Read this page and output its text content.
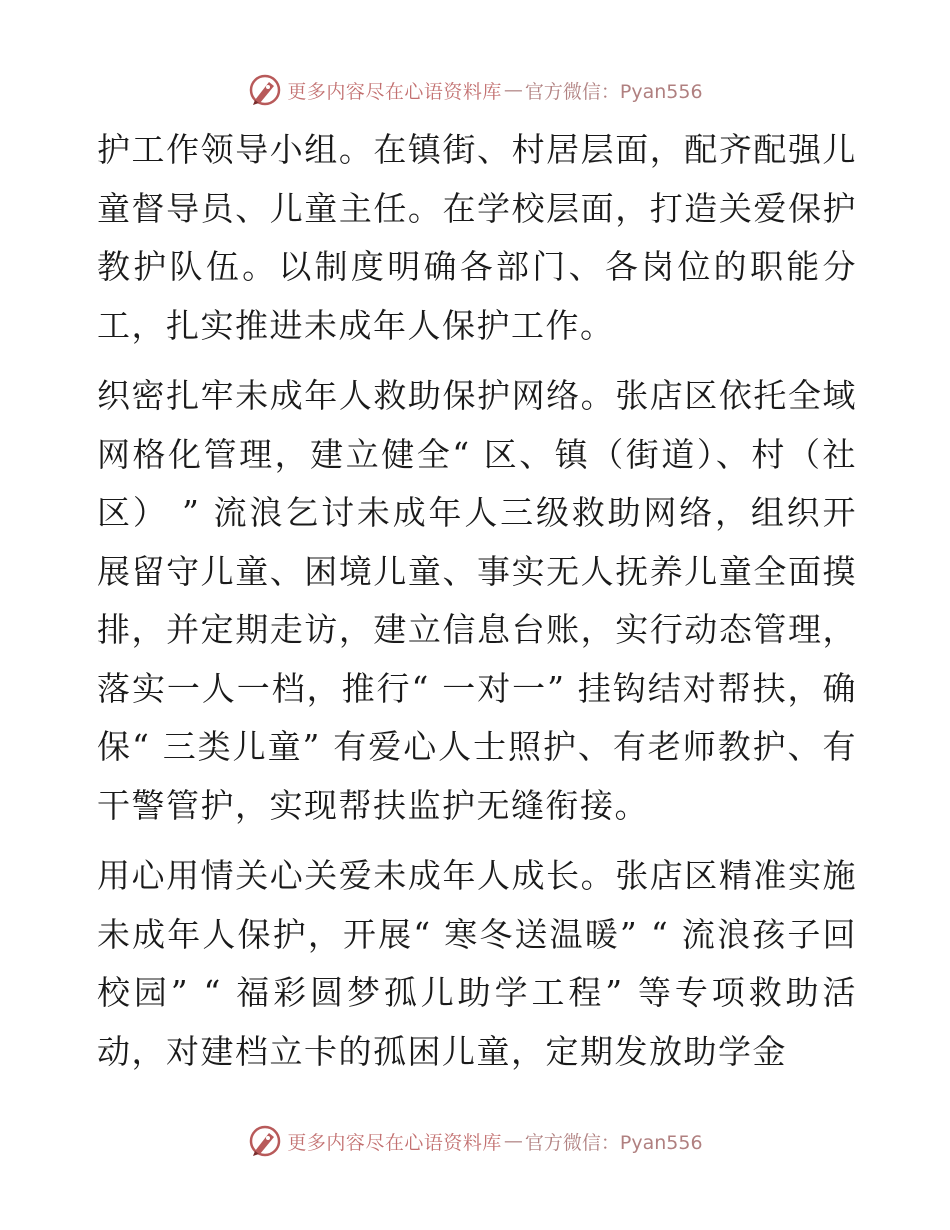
更多内容尽在心语资料库 — 官方微信：Pyan556

护工作领导小组。在镇街、村居层面，配齐配强儿童督导员、儿童主任。在学校层面，打造关爱保护教护队伍。以制度明确各部门、各岗位的职能分工，扎实推进未成年人保护工作。

织密扎牢未成年人救助保护网络。张店区依托全域网格化管理，建立健全“ 区、镇（街道）、村（社区） ” 流浪乞讨未成年人三级救助网络，组织开展留守儿童、困境儿童、事实无人抚养儿童全面摸排，并定期走访，建立信息台账，实行动态管理，落实一人一档，推行“ 一对一” 挂钩结对帮扶，确保“ 三类儿童” 有爱心人士照护、有老师教护、有干警管护，实现帮扶监护无缝衔接。

用心用情关心关爱未成年人成长。张店区精准实施未成年人保护，开展“ 寒冬送温暖” “ 流浪孩子回校园” “ 福彩圆梦孤儿助学工程” 等专项救助活动，对建档立卡的孤困儿童，定期发放助学金

更多内容尽在心语资料库 — 官方微信：Pyan556
